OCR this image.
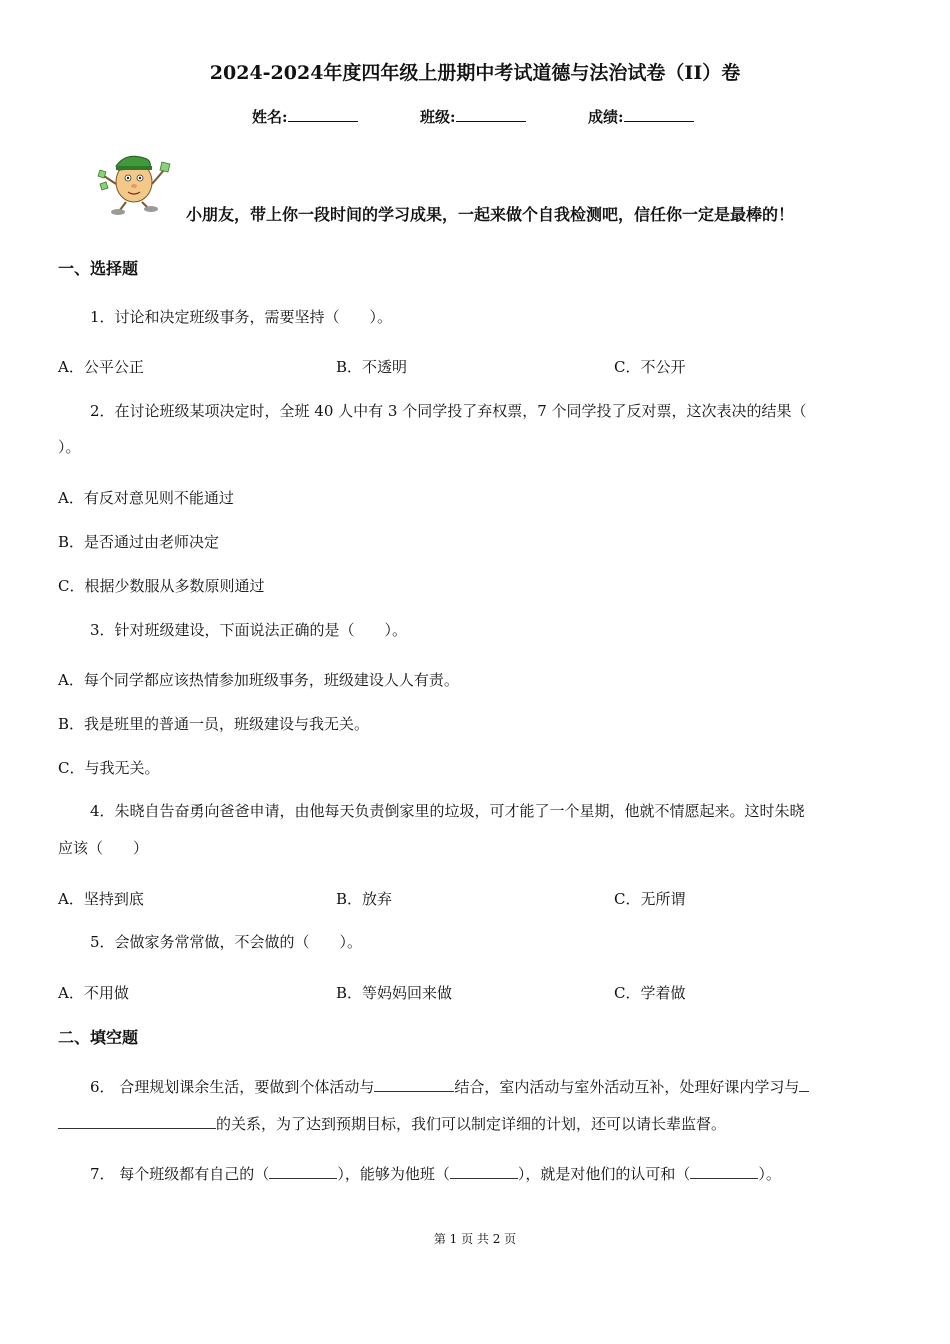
2024-2024年度四年级上册期中考试道德与法治试卷（II）卷
姓名:	班级:	成绩:
小朋友，带上你一段时间的学习成果，一起来做个自我检测吧，信任你一定是最棒的！
一、选择题
1．讨论和决定班级事务，需要坚持（　　）。
A．公平公正	B．不透明	C．不公开
2．在讨论班级某项决定时，全班 40 人中有 3 个同学投了弃权票，7 个同学投了反对票，这次表决的结果（
）。
A．有反对意见则不能通过
B．是否通过由老师决定
C．根据少数服从多数原则通过
3．针对班级建设，下面说法正确的是（　　）。
A．每个同学都应该热情参加班级事务，班级建设人人有责。
B．我是班里的普通一员，班级建设与我无关。
C．与我无关。
4．朱晓自告奋勇向爸爸申请，由他每天负责倒家里的垃圾，可才能了一个星期，他就不情愿起来。这时朱晓
应该（　　）
A．坚持到底	B．放弃	C．无所谓
5．会做家务常常做，不会做的（　　）。
A．不用做	B．等妈妈回来做	C．学着做
二、填空题
6． 合理规划课余生活，要做到个体活动与	结合，室内活动与室外活动互补，处理好课内学习与
的关系，为了达到预期目标，我们可以制定详细的计划，还可以请长辈监督。
7． 每个班级都有自己的（	），能够为他班（	），就是对他们的认可和（	）。
第 1 页 共 2 页
